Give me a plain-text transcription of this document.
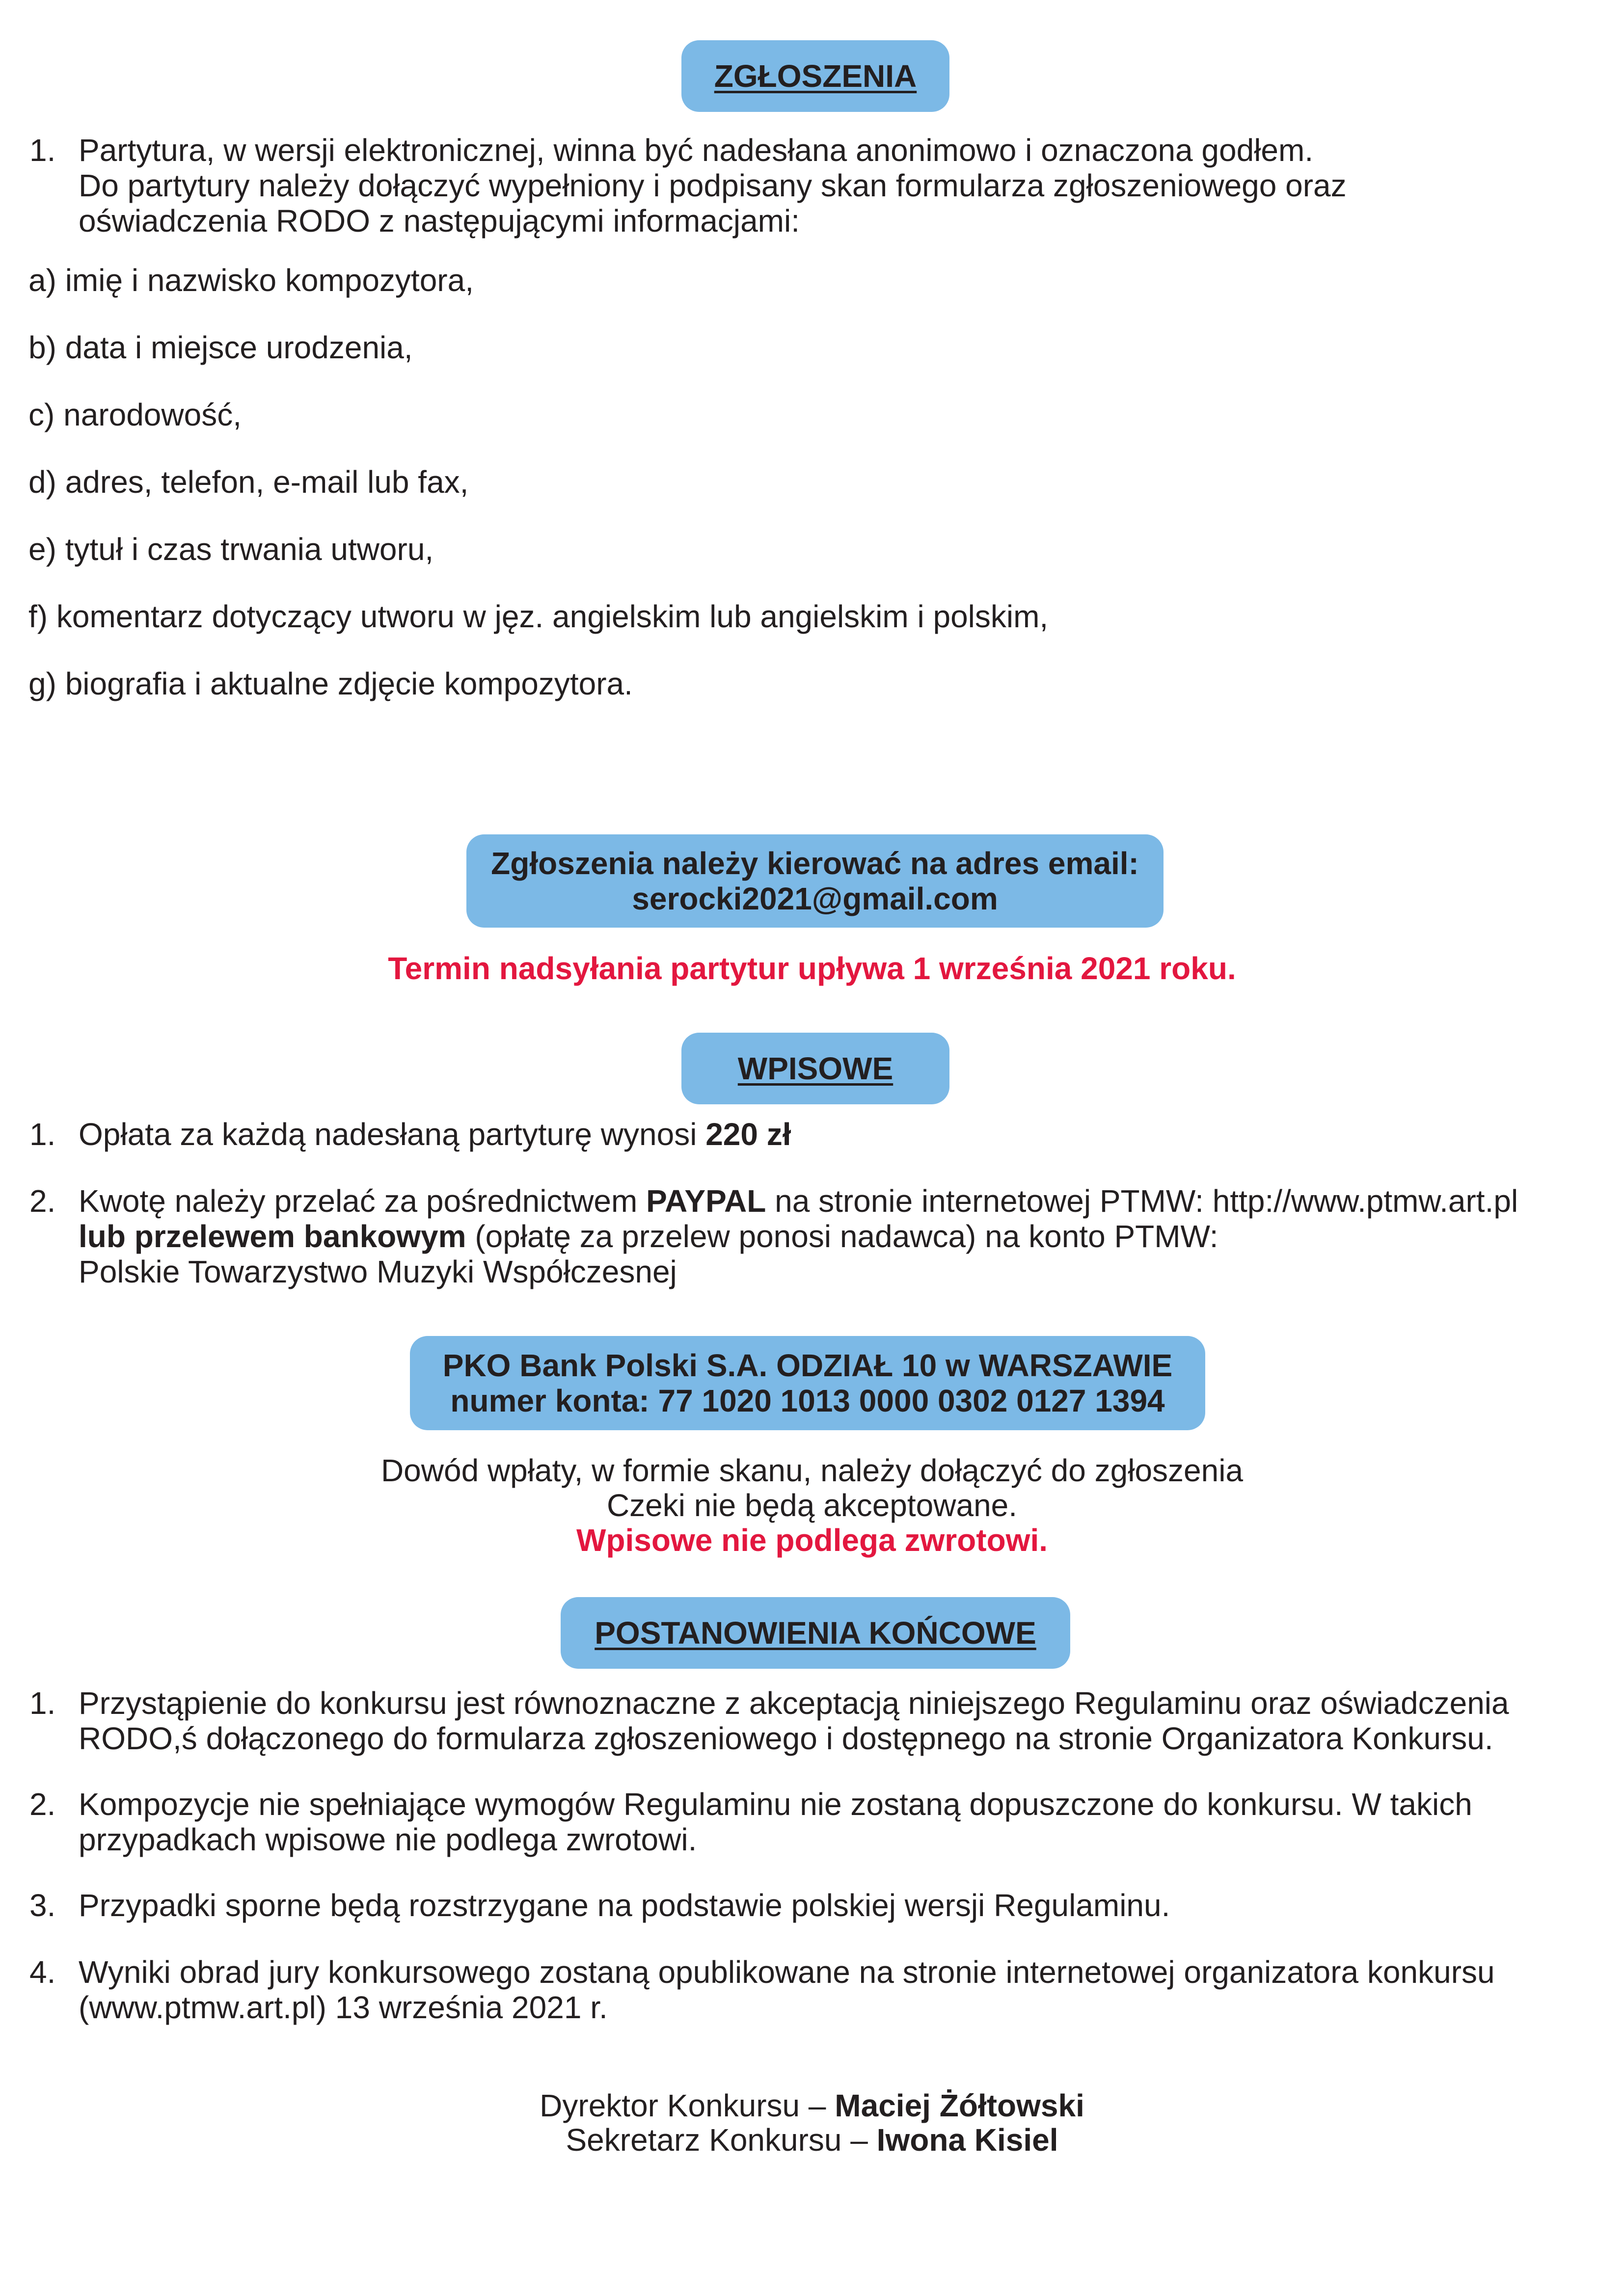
ZGŁOSZENIA
1. Partytura, w wersji elektronicznej, winna być nadesłana anonimowo i oznaczona godłem.
Do partytury należy dołączyć wypełniony i podpisany skan formularza zgłoszeniowego oraz
oświadczenia RODO z następującymi informacjami:
a) imię i nazwisko kompozytora,
b) data i miejsce urodzenia,
c) narodowość,
d) adres, telefon, e-mail lub fax,
e) tytuł i czas trwania utworu,
f) komentarz dotyczący utworu w jęz. angielskim lub angielskim i polskim,
g) biografia i aktualne zdjęcie kompozytora.
Zgłoszenia należy kierować na adres email:
serocki2021@gmail.com
Termin nadsyłania partytur upływa 1 września 2021 roku.
WPISOWE
1. Opłata za każdą nadesłaną partyturę wynosi 220 zł
2. Kwotę należy przelać za pośrednictwem PAYPAL na stronie internetowej PTMW: http://www.ptmw.art.pl
lub przelewem bankowym (opłatę za przelew ponosi nadawca) na konto PTMW:
Polskie Towarzystwo Muzyki Współczesnej
PKO Bank Polski S.A. ODZIAŁ 10 w WARSZAWIE
numer konta: 77 1020 1013 0000 0302 0127 1394
Dowód wpłaty, w formie skanu, należy dołączyć do zgłoszenia
Czeki nie będą akceptowane.
Wpisowe nie podlega zwrotowi.
POSTANOWIENIA KOŃCOWE
1. Przystąpienie do konkursu jest równoznaczne z akceptacją niniejszego Regulaminu oraz oświadczenia
RODO,ś dołączonego do formularza zgłoszeniowego i dostępnego na stronie Organizatora Konkursu.
2. Kompozycje nie spełniające wymogów Regulaminu nie zostaną dopuszczone do konkursu. W takich
przypadkach wpisowe nie podlega zwrotowi.
3. Przypadki sporne będą rozstrzygane na podstawie polskiej wersji Regulaminu.
4. Wyniki obrad jury konkursowego zostaną opublikowane na stronie internetowej organizatora konkursu
(www.ptmw.art.pl) 13 września 2021 r.
Dyrektor Konkursu – Maciej Żółtowski
Sekretarz Konkursu – Iwona Kisiel
